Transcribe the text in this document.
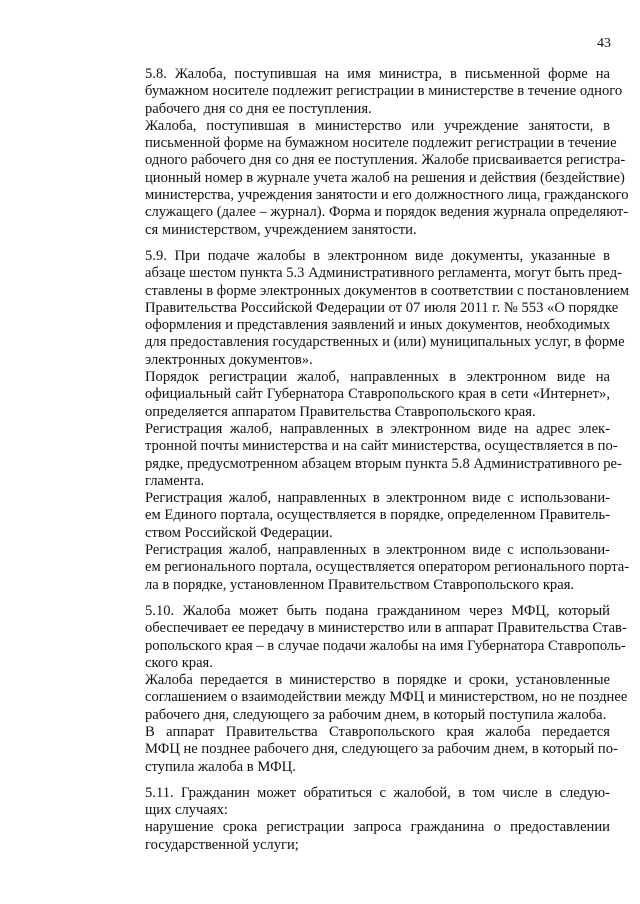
43

5.8. Жалоба, поступившая на имя министра, в письменной форме на
бумажном носителе подлежит регистрации в министерстве в течение одного
рабочего дня со дня ее поступления.

Жалоба, поступившая в министерство или учреждение занятости, в
письменной форме на бумажном носителе подлежит регистрации в течение
одного рабочего дня со дня ее поступления. Жалобе присваивается регистра-
ционный номер в журнале учета жалоб на решения и действия (бездействие)
министерства, учреждения занятости и его должностного лица, гражданского
служащего (далее – журнал). Форма и порядок ведения журнала определяют-
ся министерством, учреждением занятости.

5.9. При подаче жалобы в электронном виде документы, указанные в
абзаце шестом пункта 5.3 Административного регламента, могут быть пред-
ставлены в форме электронных документов в соответствии с постановлением
Правительства Российской Федерации от 07 июля 2011 г. № 553 «О порядке
оформления и представления заявлений и иных документов, необходимых
для предоставления государственных и (или) муниципальных услуг, в форме
электронных документов».

Порядок регистрации жалоб, направленных в электронном виде на
официальный сайт Губернатора Ставропольского края в сети «Интернет»,
определяется аппаратом Правительства Ставропольского края.

Регистрация жалоб, направленных в электронном виде на адрес элек-
тронной почты министерства и на сайт министерства, осуществляется в по-
рядке, предусмотренном абзацем вторым пункта 5.8 Административного ре-
гламента.

Регистрация жалоб, направленных в электронном виде с использовани-
ем Единого портала, осуществляется в порядке, определенном Правитель-
ством Российской Федерации.

Регистрация жалоб, направленных в электронном виде с использовани-
ем регионального портала, осуществляется оператором регионального порта-
ла в порядке, установленном Правительством Ставропольского края.

5.10. Жалоба может быть подана гражданином через МФЦ, который
обеспечивает ее передачу в министерство или в аппарат Правительства Став-
ропольского края – в случае подачи жалобы на имя Губернатора Ставрополь-
ского края.

Жалоба передается в министерство в порядке и сроки, установленные
соглашением о взаимодействии между МФЦ и министерством, но не позднее
рабочего дня, следующего за рабочим днем, в который поступила жалоба.

В аппарат Правительства Ставропольского края жалоба передается
МФЦ не позднее рабочего дня, следующего за рабочим днем, в который по-
ступила жалоба в МФЦ.

5.11. Гражданин может обратиться с жалобой, в том числе в следую-
щих случаях:

нарушение срока регистрации запроса гражданина о предоставлении
государственной услуги;
